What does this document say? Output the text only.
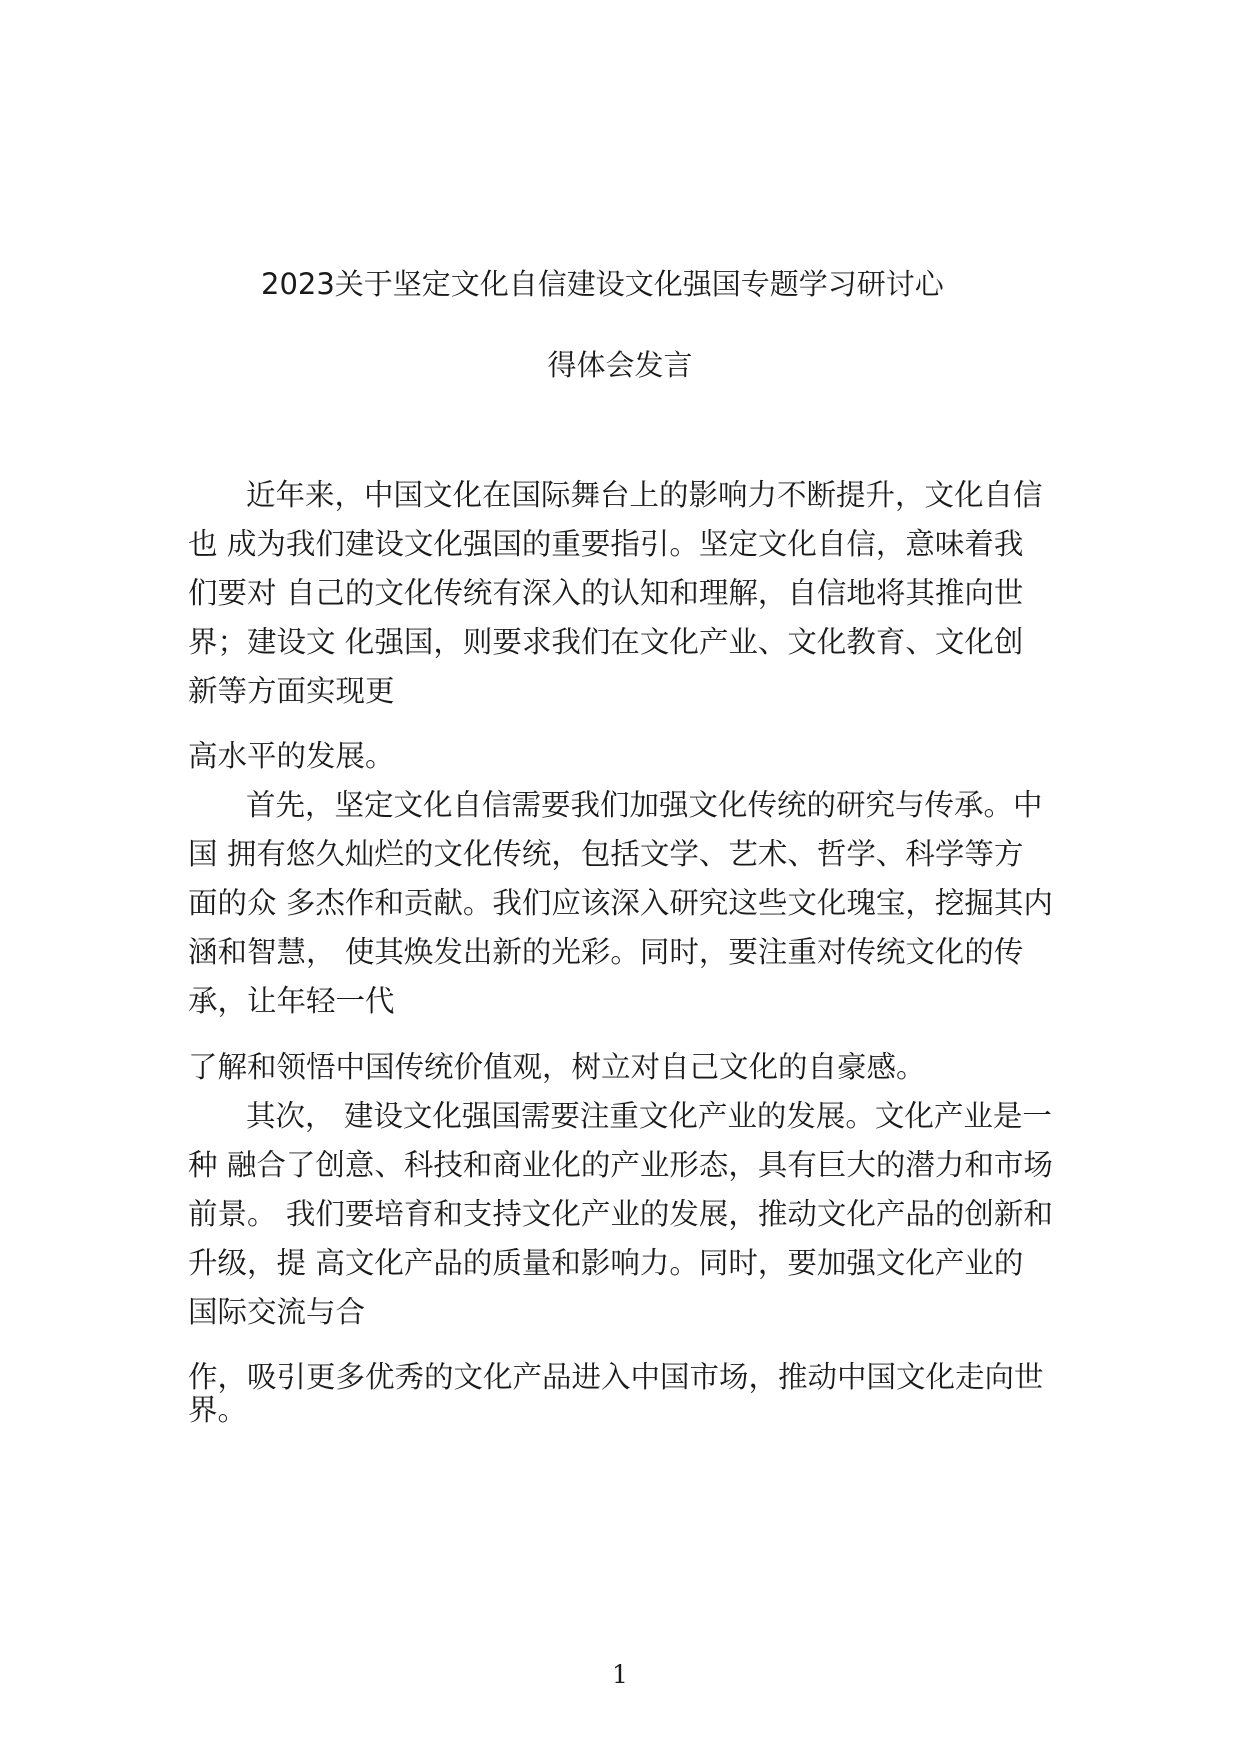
2023关于坚定文化自信建设文化强国专题学习研讨心
得体会发言
近年来，中国文化在国际舞台上的影响力不断提升，文化自信
也 成为我们建设文化强国的重要指引。坚定文化自信，意味着我
们要对 自己的文化传统有深入的认知和理解，自信地将其推向世
界；建设文 化强国，则要求我们在文化产业、文化教育、文化创
新等方面实现更
高水平的发展。
首先，坚定文化自信需要我们加强文化传统的研究与传承。中
国 拥有悠久灿烂的文化传统，包括文学、艺术、哲学、科学等方
面的众 多杰作和贡献。我们应该深入研究这些文化瑰宝，挖掘其内
涵和智慧， 使其焕发出新的光彩。同时，要注重对传统文化的传
承，让年轻一代
了解和领悟中国传统价值观，树立对自己文化的自豪感。
其次， 建设文化强国需要注重文化产业的发展。文化产业是一
种 融合了创意、科技和商业化的产业形态，具有巨大的潜力和市场
前景。 我们要培育和支持文化产业的发展，推动文化产品的创新和
升级，提 高文化产品的质量和影响力。同时，要加强文化产业的
国际交流与合
作，吸引更多优秀的文化产品进入中国市场，推动中国文化走向世
界。
1
